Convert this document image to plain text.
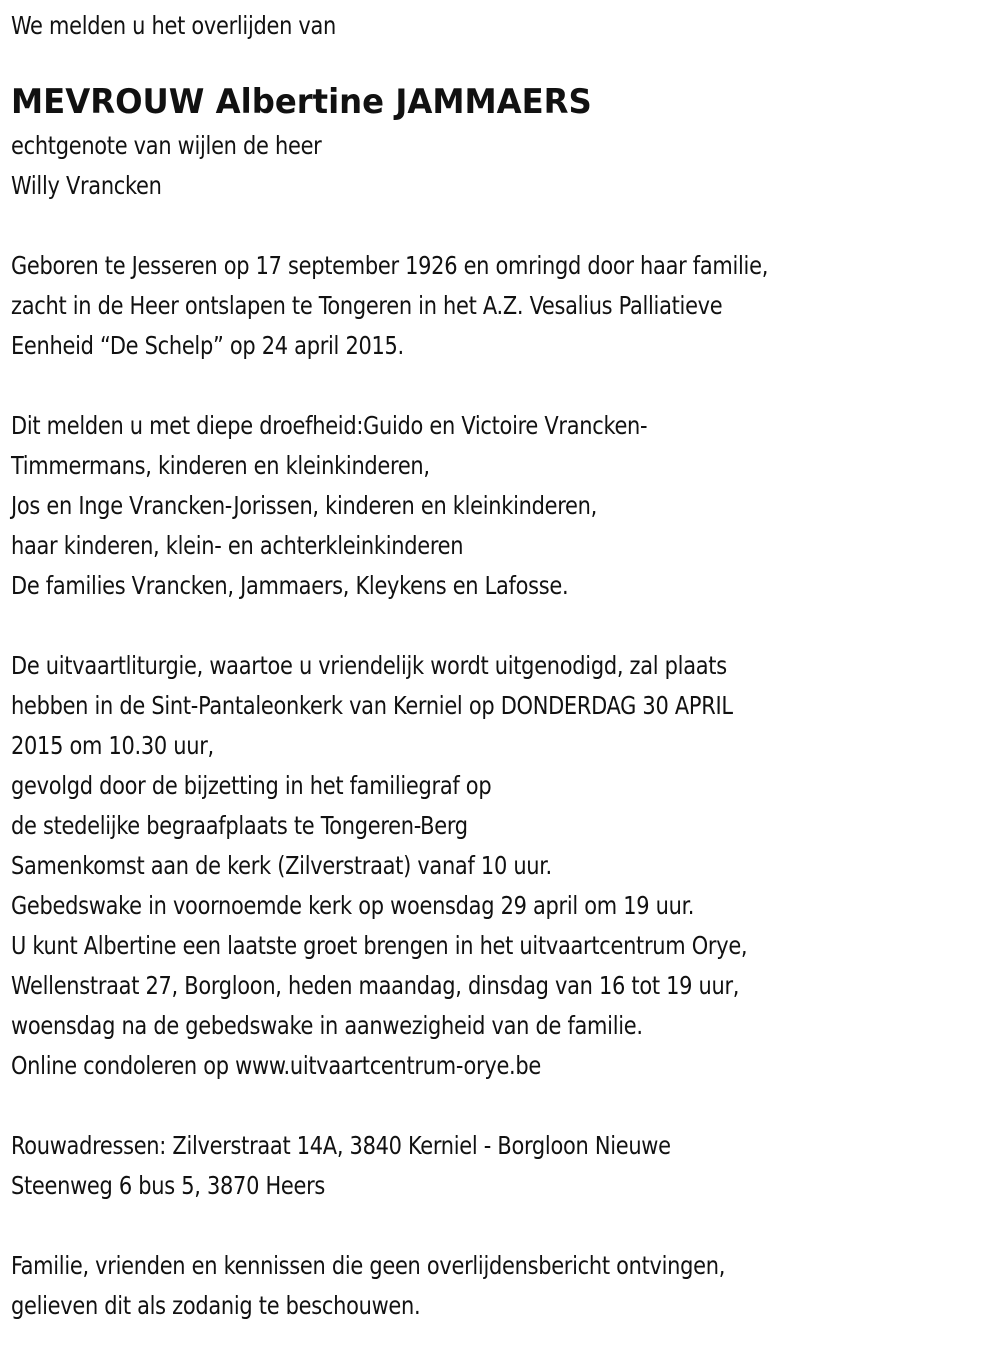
We melden u het overlijden van
MEVROUW Albertine JAMMAERS
echtgenote van wijlen de heer
Willy Vrancken
Geboren te Jesseren op 17 september 1926 en omringd door haar familie,
zacht in de Heer ontslapen te Tongeren in het A.Z. Vesalius Palliatieve
Eenheid “De Schelp” op 24 april 2015.
Dit melden u met diepe droefheid:Guido en Victoire Vrancken-
Timmermans, kinderen en kleinkinderen,
Jos en Inge Vrancken-Jorissen, kinderen en kleinkinderen,
haar kinderen, klein- en achterkleinkinderen
De families Vrancken, Jammaers, Kleykens en Lafosse.
De uitvaartliturgie, waartoe u vriendelijk wordt uitgenodigd, zal plaats
hebben in de Sint-Pantaleonkerk van Kerniel op DONDERDAG 30 APRIL
2015 om 10.30 uur,
gevolgd door de bijzetting in het familiegraf op
de stedelijke begraafplaats te Tongeren-Berg
Samenkomst aan de kerk (Zilverstraat) vanaf 10 uur.
Gebedswake in voornoemde kerk op woensdag 29 april om 19 uur.
U kunt Albertine een laatste groet brengen in het uitvaartcentrum Orye,
Wellenstraat 27, Borgloon, heden maandag, dinsdag van 16 tot 19 uur,
woensdag na de gebedswake in aanwezigheid van de familie.
Online condoleren op www.uitvaartcentrum-orye.be
Rouwadressen: Zilverstraat 14A, 3840 Kerniel - Borgloon Nieuwe
Steenweg 6 bus 5, 3870 Heers
Familie, vrienden en kennissen die geen overlijdensbericht ontvingen,
gelieven dit als zodanig te beschouwen.
